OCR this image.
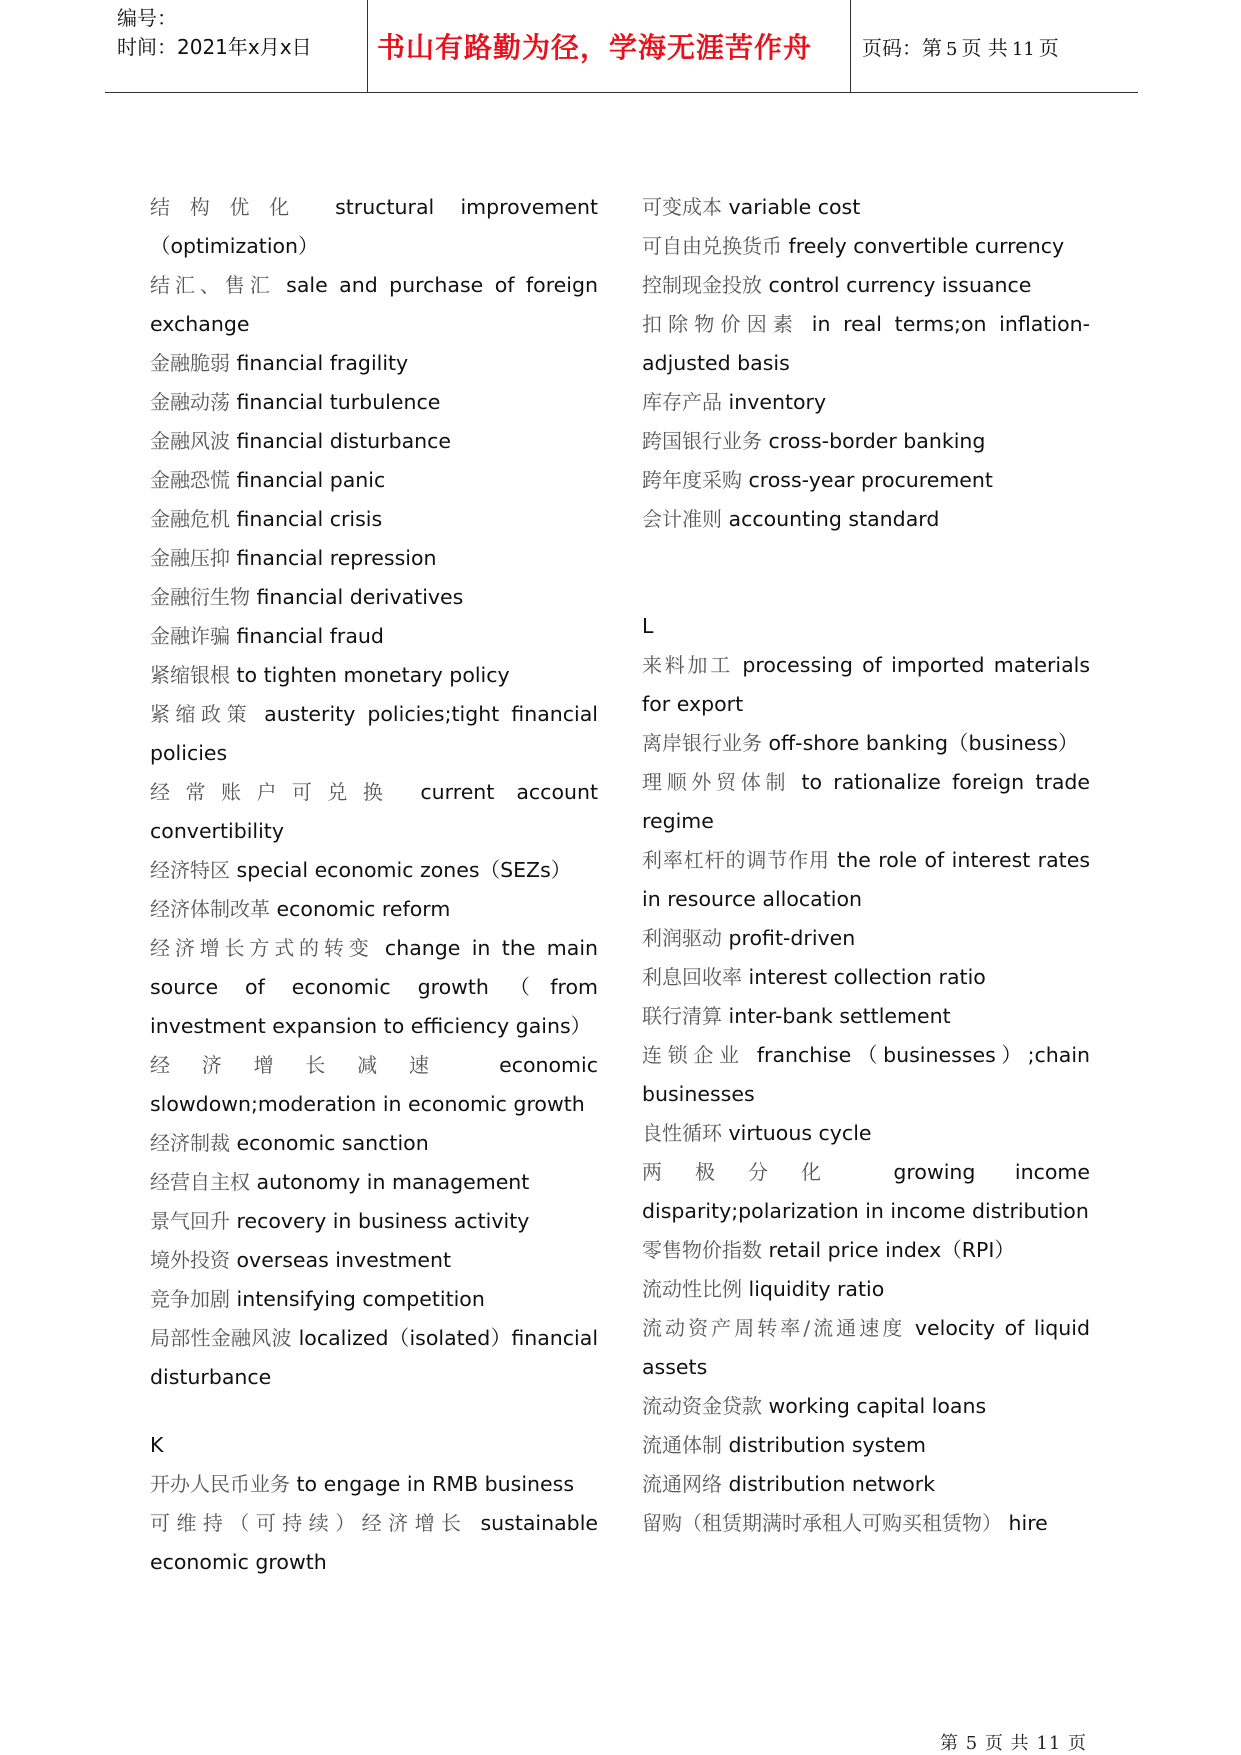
编号：
时间：2021年x月x日	书山有路勤为径，学海无涯苦作舟	页码：第 5 页 共 11 页
结构优化 structural improvement（optimization）
结汇、售汇 sale and purchase of foreign exchange
金融脆弱 financial fragility
金融动荡 financial turbulence
金融风波 financial disturbance
金融恐慌 financial panic
金融危机 financial crisis
金融压抑 financial repression
金融衍生物 financial derivatives
金融诈骗 financial fraud
紧缩银根 to tighten monetary policy
紧缩政策 austerity policies;tight financial policies
经常账户可兑换 current account convertibility
经济特区 special economic zones（SEZs）
经济体制改革 economic reform
经济增长方式的转变 change in the main source of economic growth（from investment expansion to efficiency gains）
经济增长减速 economic slowdown;moderation in economic growth
经济制裁 economic sanction
经营自主权 autonomy in management
景气回升 recovery in business activity
境外投资 overseas investment
竞争加剧 intensifying competition
局部性金融风波 localized（isolated）financial disturbance
K
开办人民币业务 to engage in RMB business
可维持（可持续）经济增长 sustainable economic growth
可变成本 variable cost
可自由兑换货币 freely convertible currency
控制现金投放 control currency issuance
扣除物价因素 in real terms;on inflation-adjusted basis
库存产品 inventory
跨国银行业务 cross-border banking
跨年度采购 cross-year procurement
会计准则 accounting standard
L
来料加工 processing of imported materials for export
离岸银行业务 off-shore banking（business）
理顺外贸体制 to rationalize foreign trade regime
利率杠杆的调节作用 the role of interest rates in resource allocation
利润驱动 profit-driven
利息回收率 interest collection ratio
联行清算 inter-bank settlement
连锁企业 franchise（businesses）;chain businesses
良性循环 virtuous cycle
两极分化 growing income disparity;polarization in income distribution
零售物价指数 retail price index（RPI）
流动性比例 liquidity ratio
流动资产周转率/流通速度 velocity of liquid assets
流动资金贷款 working capital loans
流通体制 distribution system
流通网络 distribution network
留购（租赁期满时承租人可购买租赁物） hire
第 5 页 共 11 页
